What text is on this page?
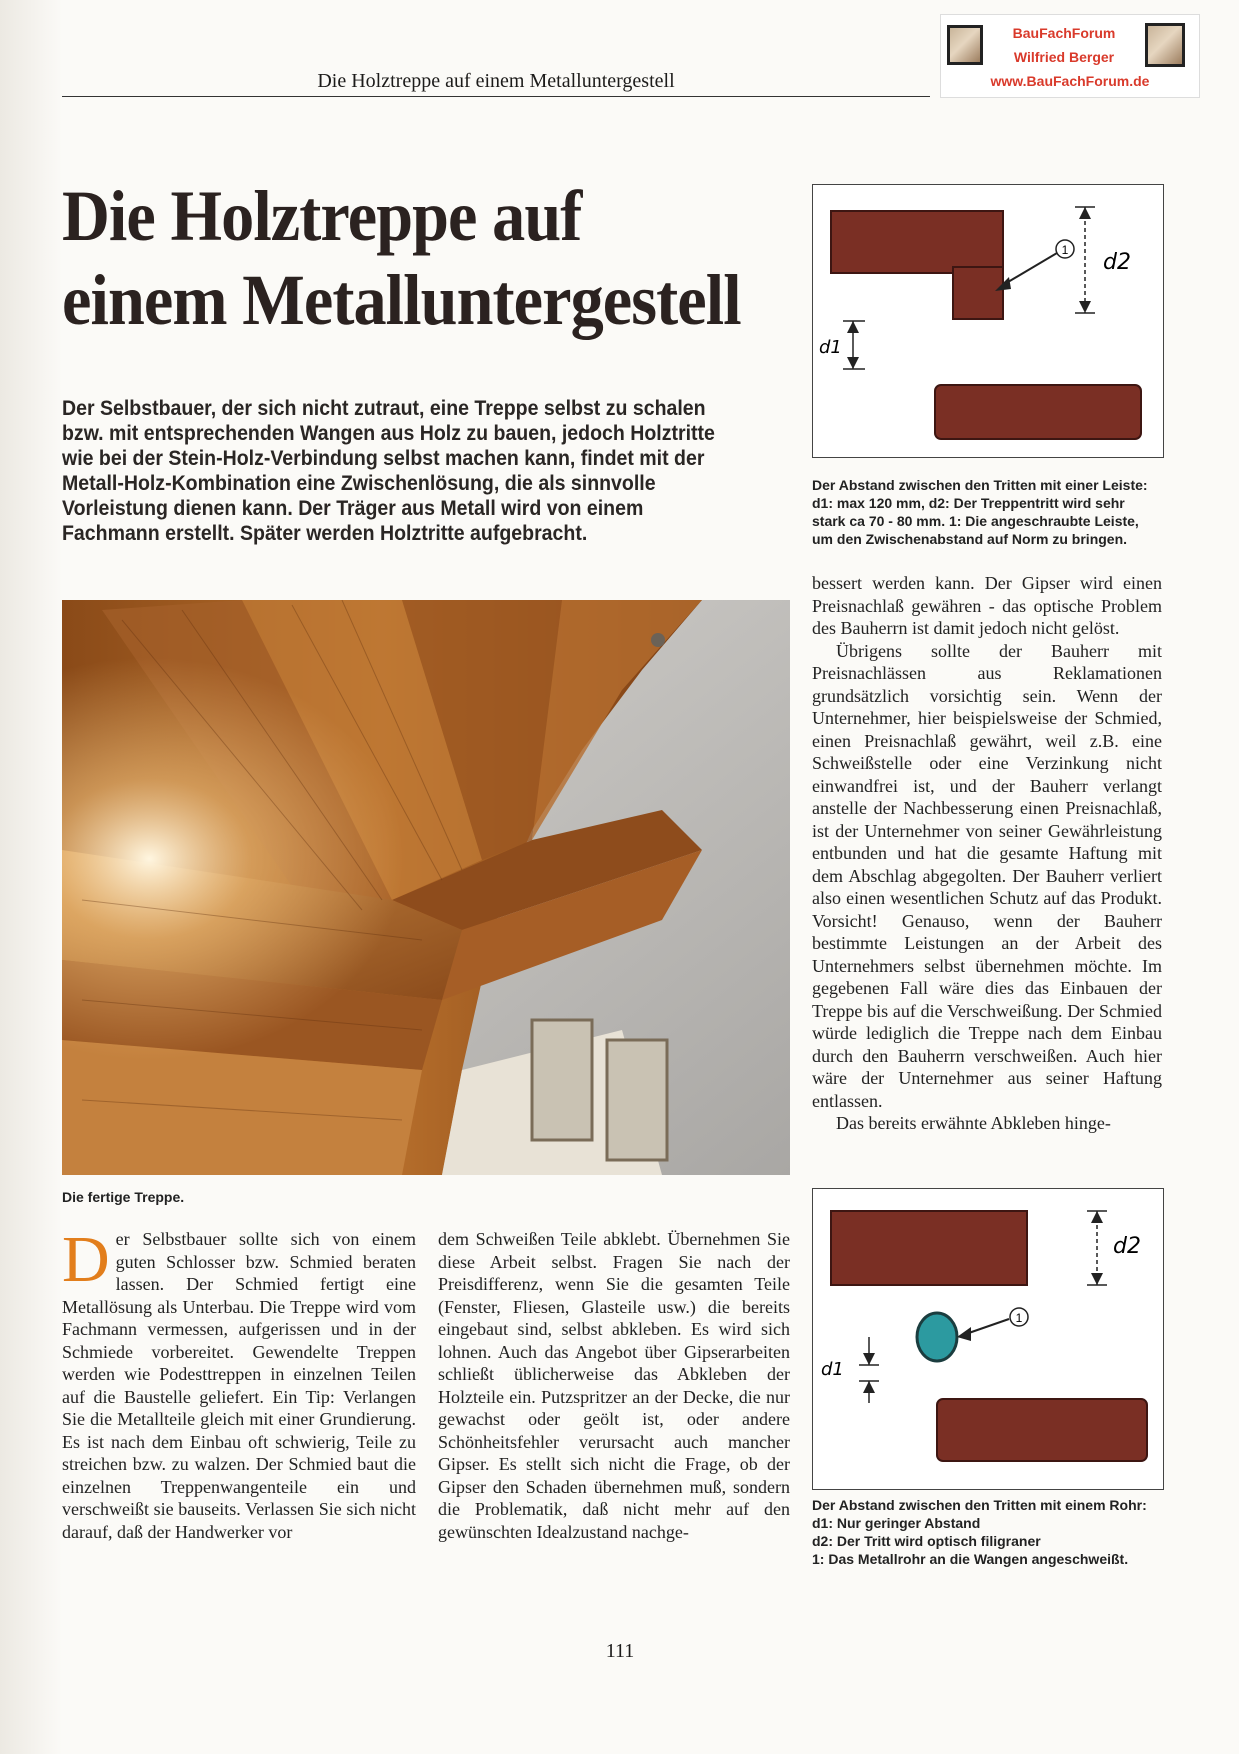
Die Holztreppe auf einem Metalluntergestell
BauFachForum
Wilfried Berger
www.BauFachForum.de
Die Holztreppe auf einem Metalluntergestell

Der Selbstbauer, der sich nicht zutraut, eine Treppe selbst zu schalen bzw. mit entsprechenden Wangen aus Holz zu bauen, jedoch Holztritte wie bei der Stein-Holz-Verbindung selbst machen kann, findet mit der Metall-Holz-Kombination eine Zwischenlösung, die als sinnvolle Vorleistung dienen kann. Der Träger aus Metall wird von einem Fachmann erstellt. Später werden Holztritte aufgebracht.

Die fertige Treppe.

Der Selbstbauer sollte sich von einem guten Schlosser bzw. Schmied beraten lassen. Der Schmied fertigt eine Metallösung als Unterbau. Die Treppe wird vom Fachmann vermessen, aufgerissen und in der Schmiede vorbereitet. Gewendelte Treppen werden wie Podesttreppen in einzelnen Teilen auf die Baustelle geliefert. Ein Tip: Verlangen Sie die Metallteile gleich mit einer Grundierung. Es ist nach dem Einbau oft schwierig, Teile zu streichen bzw. zu walzen. Der Schmied baut die einzelnen Treppenwangenteile ein und verschweißt sie bauseits. Verlassen Sie sich nicht darauf, daß der Handwerker vor

dem Schweißen Teile abklebt. Übernehmen Sie diese Arbeit selbst. Fragen Sie nach der Preisdifferenz, wenn Sie die gesamten Teile (Fenster, Fliesen, Glasteile usw.) die bereits eingebaut sind, selbst abkleben. Es wird sich lohnen. Auch das Angebot über Gipserarbeiten schließt üblicherweise das Abkleben der Holzteile ein. Putzspritzer an der Decke, die nur gewachst oder geölt ist, oder andere Schönheitsfehler verursacht auch mancher Gipser. Es stellt sich nicht die Frage, ob der Gipser den Schaden übernehmen muß, sondern die Problematik, daß nicht mehr auf den gewünschten Idealzustand nachge-

bessert werden kann. Der Gipser wird einen Preisnachlaß gewähren - das optische Problem des Bauherrn ist damit jedoch nicht gelöst.
Übrigens sollte der Bauherr mit Preisnachlässen aus Reklamationen grundsätzlich vorsichtig sein. Wenn der Unternehmer, hier beispielsweise der Schmied, einen Preisnachlaß gewährt, weil z.B. eine Schweißstelle oder eine Verzinkung nicht einwandfrei ist, und der Bauherr verlangt anstelle der Nachbesserung einen Preisnachlaß, ist der Unternehmer von seiner Gewährleistung entbunden und hat die gesamte Haftung mit dem Abschlag abgegolten. Der Bauherr verliert also einen wesentlichen Schutz auf das Produkt. Vorsicht! Genauso, wenn der Bauherr bestimmte Leistungen an der Arbeit des Unternehmers selbst übernehmen möchte. Im gegebenen Fall wäre dies das Einbauen der Treppe bis auf die Verschweißung. Der Schmied würde lediglich die Treppe nach dem Einbau durch den Bauherrn verschweißen. Auch hier wäre der Unternehmer aus seiner Haftung entlassen.
Das bereits erwähnte Abkleben hinge-
1 d2
d1

Der Abstand zwischen den Tritten mit einer Leiste:

d1: max 120 mm, d2: Der Treppentritt wird sehr

stark ca 70 - 80 mm. 1: Die angeschraubte Leiste,

um den Zwischenabstand auf Norm zu bringen.

1
d2
d1

Der Abstand zwischen den Tritten mit einem Rohr:

d1: Nur geringer Abstand

d2: Der Tritt wird optisch filigraner

1: Das Metallrohr an die Wangen angeschweißt.

111
